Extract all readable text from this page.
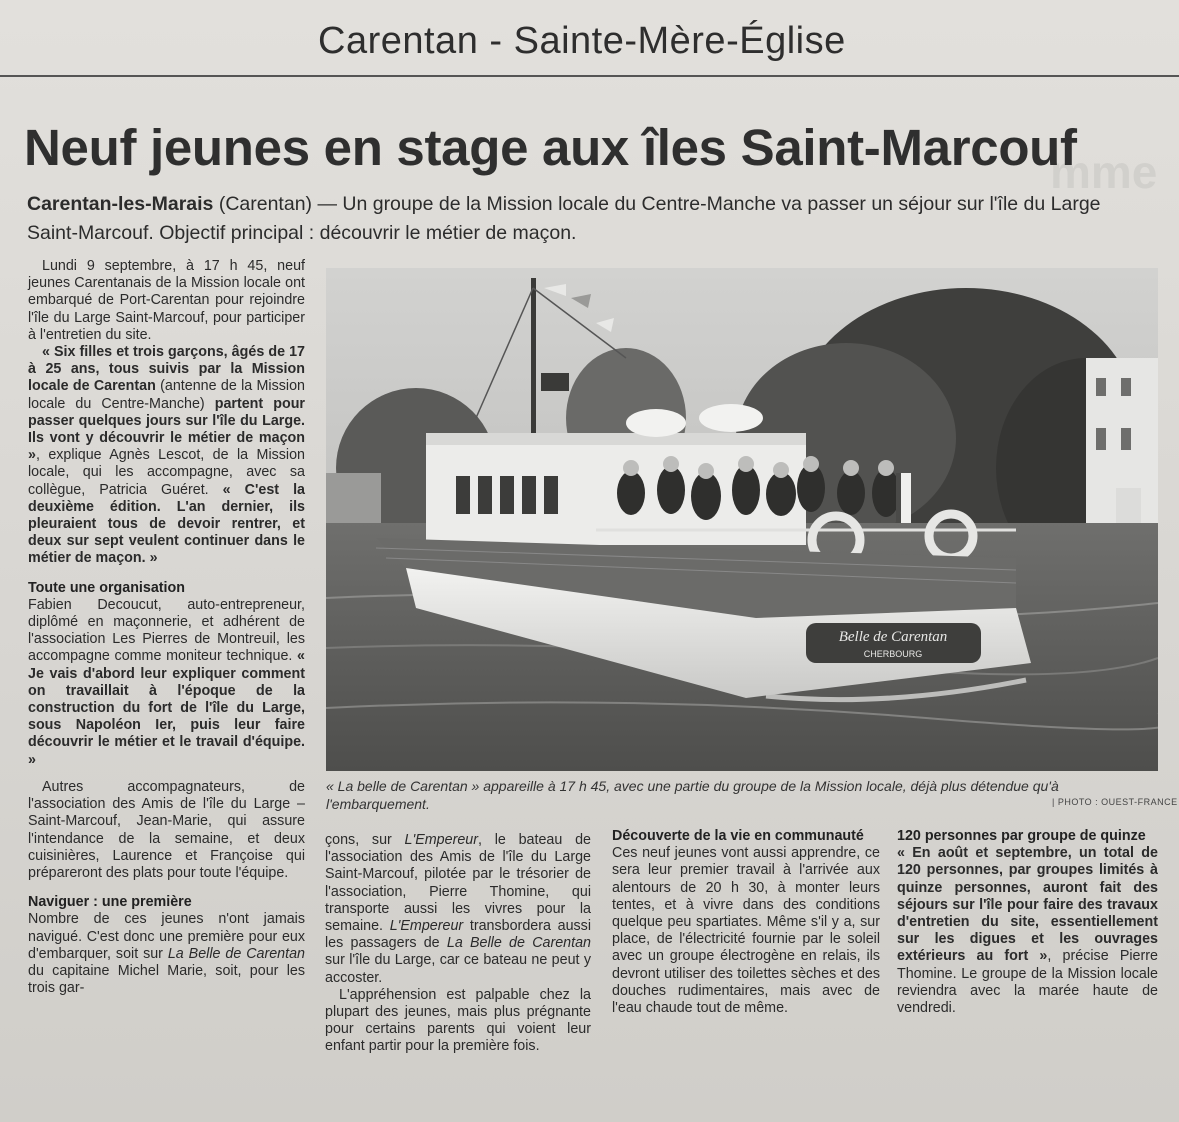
Carentan - Sainte-Mère-Église
mme
Neuf jeunes en stage aux îles Saint-Marcouf
Carentan-les-Marais (Carentan) — Un groupe de la Mission locale du Centre-Manche va passer un séjour sur l'île du Large Saint-Marcouf. Objectif principal : découvrir le métier de maçon.

Lundi 9 septembre, à 17 h 45, neuf jeunes Carentanais de la Mission locale ont embarqué de Port-Carentan pour rejoindre l'île du Large Saint-Marcouf, pour participer à l'entretien du site.

« Six filles et trois garçons, âgés de 17 à 25 ans, tous suivis par la Mission locale de Carentan (antenne de la Mission locale du Centre-Manche) partent pour passer quelques jours sur l'île du Large. Ils vont y découvrir le métier de maçon », explique Agnès Lescot, de la Mission locale, qui les accompagne, avec sa collègue, Patricia Guéret. « C'est la deuxième édition. L'an dernier, ils pleuraient tous de devoir rentrer, et deux sur sept veulent continuer dans le métier de maçon. »

Toute une organisation

Fabien Decoucut, auto-entrepreneur, diplômé en maçonnerie, et adhérent de l'association Les Pierres de Montreuil, les accompagne comme moniteur technique. « Je vais d'abord leur expliquer comment on travaillait à l'époque de la construction du fort de l'île du Large, sous Napoléon Ier, puis leur faire découvrir le métier et le travail d'équipe. »

Autres accompagnateurs, de l'association des Amis de l'île du Large – Saint-Marcouf, Jean-Marie, qui assure l'intendance de la semaine, et deux cuisinières, Laurence et Françoise qui prépareront des plats pour toute l'équipe.

Naviguer : une première

Nombre de ces jeunes n'ont jamais navigué. C'est donc une première pour eux d'embarquer, soit sur La Belle de Carentan du capitaine Michel Marie, soit, pour les trois gar-

Belle de Carentan
CHERBOURG
« La belle de Carentan » appareille à 17 h 45, avec une partie du groupe de la Mission locale, déjà plus détendue qu'à l'embarquement.	| PHOTO : OUEST-FRANCE

çons, sur L'Empereur, le bateau de l'association des Amis de l'île du Large Saint-Marcouf, pilotée par le trésorier de l'association, Pierre Thomine, qui transporte aussi les vivres pour la semaine. L'Empereur transbordera aussi les passagers de La Belle de Carentan sur l'île du Large, car ce bateau ne peut y accoster.

L'appréhension est palpable chez la plupart des jeunes, mais plus prégnante pour certains parents qui voient leur enfant partir pour la première fois.

Découverte de la vie en communauté

Ces neuf jeunes vont aussi apprendre, ce sera leur premier travail à l'arrivée aux alentours de 20 h 30, à monter leurs tentes, et à vivre dans des conditions quelque peu spartiates. Même s'il y a, sur place, de l'électricité fournie par le soleil avec un groupe électrogène en relais, ils devront utiliser des toilettes sèches et des douches rudimentaires, mais avec de l'eau chaude tout de même.

120 personnes par groupe de quinze

« En août et septembre, un total de 120 personnes, par groupes limités à quinze personnes, auront fait des séjours sur l'île pour faire des travaux d'entretien du site, essentiellement sur les digues et les ouvrages extérieurs au fort », précise Pierre Thomine. Le groupe de la Mission locale reviendra avec la marée haute de vendredi.
